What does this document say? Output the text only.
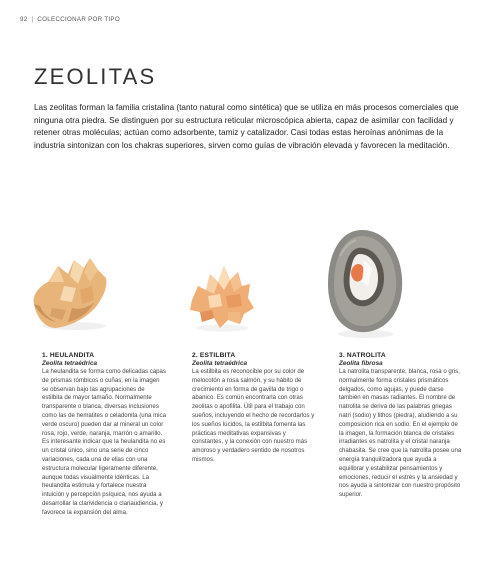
92 | COLECCIONAR POR TIPO
ZEOLITAS

Las zeolitas forman la familia cristalina (tanto natural como sintética) que se utiliza en más procesos comerciales que ninguna otra piedra. Se distinguen por su estructura reticular microscópica abierta, capaz de asimilar con facilidad y retener otras moléculas; actúan como adsorbente, tamiz y catalizador. Casi todas estas heroínas anónimas de la industria sintonizan con los chakras superiores, sirven como guías de vibración elevada y favorecen la meditación.

1. HEULANDITA
Zeolita tetraédrica

La heulandita se forma como delicadas capas de prismas rómbicos o cuñas; en la imagen se observan bajo las agrupaciones de estilbita de mayor tamaño. Normalmente transparente o blanca, diversas inclusiones como las de hematites o celadonita (una mica verde oscuro) pueden dar al mineral un color rosa, rojo, verde, naranja, marrón o amarillo. Es interesante indicar que la heulandita no es un cristal único, sino una serie de cinco variaciones, cada una de ellas con una estructura molecular ligeramente diferente, aunque todas visualmente idénticas. La heulandita estimula y fortalece nuestra intuición y percepción psíquica, nos ayuda a desarrollar la clarividencia o clariaudiencia, y favorece la expansión del alma.

2. ESTILBITA
Zeolita tetraédrica

La estilbita es reconocible por su color de melocotón a rosa salmón, y su hábito de crecimiento en forma de gavilla de trigo o abanico. Es común encontrarla con otras zeolitas o apofilita. Útil para el trabajo con sueños, incluyendo el hecho de recordarlos y los sueños lúcidos, la estilbita fomenta las prácticas meditativas expansivas y constantes, y la conexión con nuestro más amoroso y verdadero sentido de nosotros mismos.

3. NATROLITA
Zeolita fibrosa

La natrolita transparente, blanca, rosa o gris, normalmente forma cristales prismáticos delgados, como agujas, y puede darse también en masas radiantes. El nombre de natrolita se deriva de las palabras griegas natri (sodio) y lithos (piedra), aludiendo a su composición rica en sodio. En el ejemplo de la imagen, la formación blanca de cristales irradiantes es natrolita y el cristal naranja chabasita. Se cree que la natrolita posee una energía tranquilizadora que ayuda a equilibrar y estabilizar pensamientos y emociones, reducir el estrés y la ansiedad y nos ayuda a sintonizar con nuestro propósito superior.
